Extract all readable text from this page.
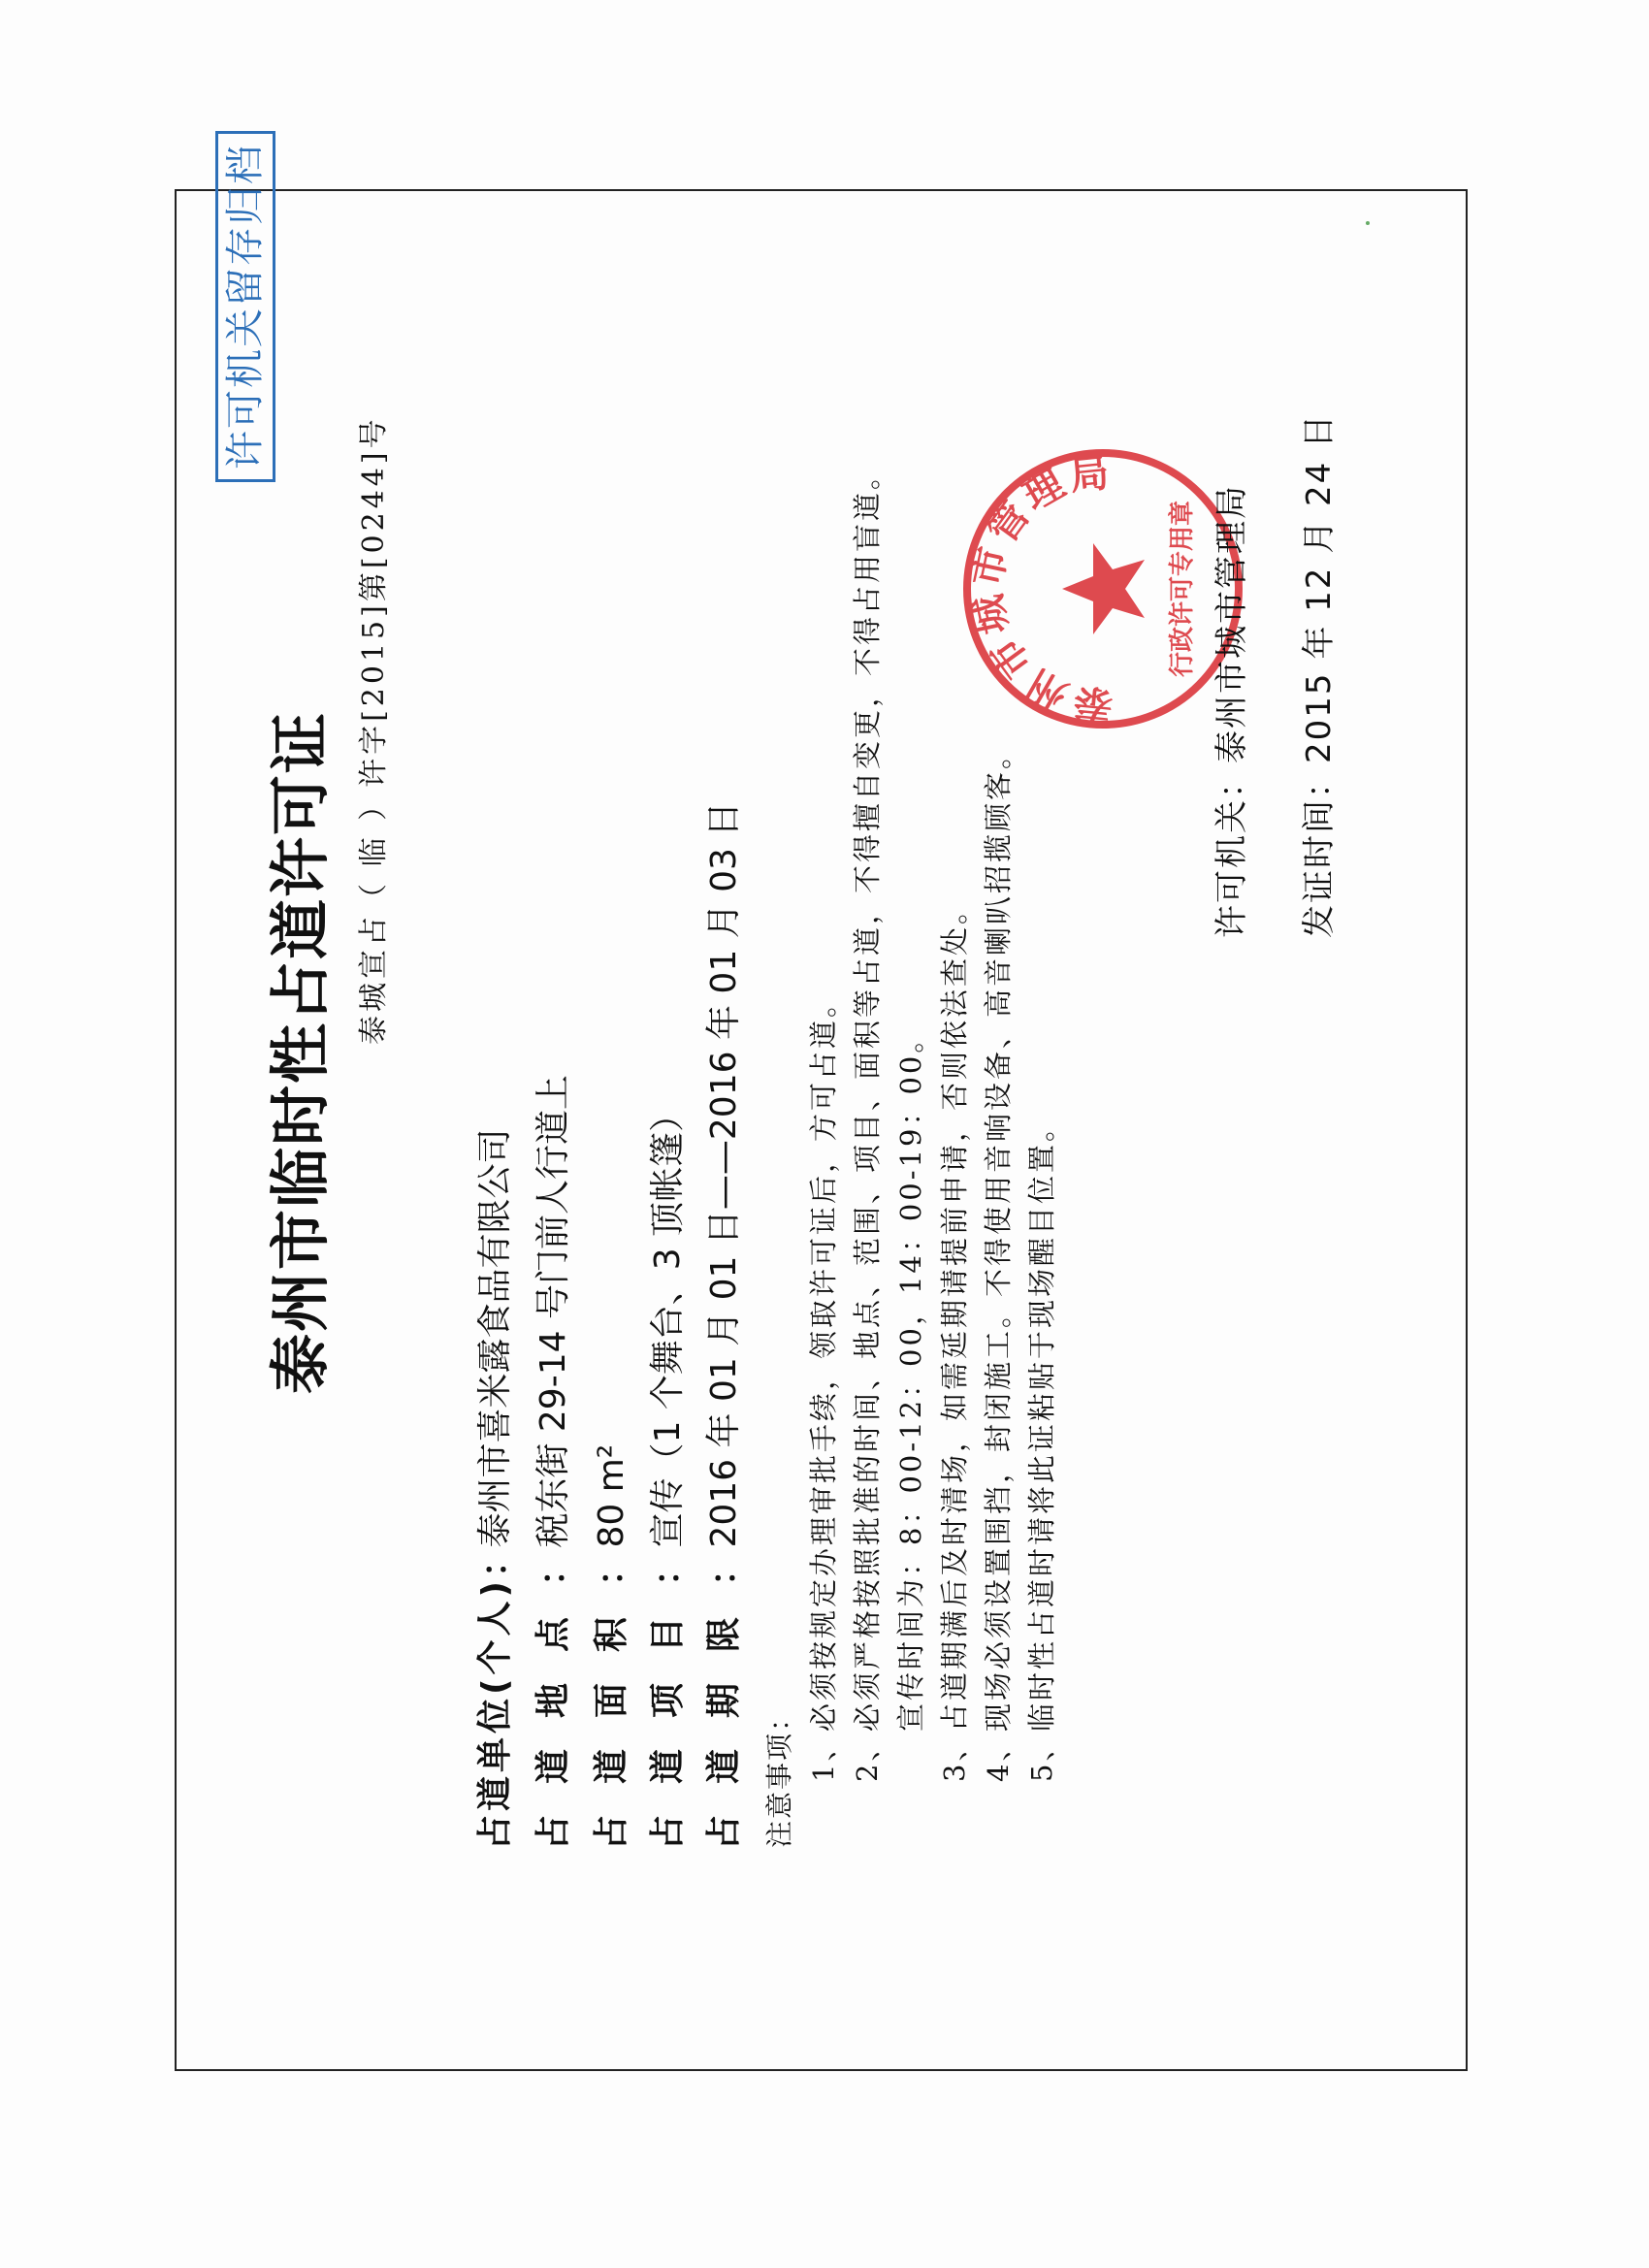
许可机关留存归档
泰州市临时性占道许可证 泰城宣占（ 临 ）许字[2015]第[0244]号
占道单位(个人)： 泰州市喜米露食品有限公司
占道地点： 税东街 29-14 号门前人行道上
占道面积： 80 m²
占道项目： 宣传（1 个舞台、3 顶帐篷）
占道期限： 2016 年 01 月 01 日——2016 年 01 月 03 日
注意事项： 1、必须按规定办理审批手续，领取许可证后，方可占道。
2、必须严格按照批准的时间、地点、范围、项目、面积等占道，不得擅自变更，不得占用盲道。 宣传时间为：8：00-12：00，14：00-19：00。
3、占道期满后及时清场，如需延期请提前申请，否则依法查处。
4、现场必须设置围挡，封闭施工。不得使用音响设备、高音喇叭招揽顾客。
5、临时性占道时请将此证粘贴于现场醒目位置。
泰州市城市管理局
行政许可专用章
许可机关：泰州市城市管理局
发证时间：2015 年 12 月 24 日
